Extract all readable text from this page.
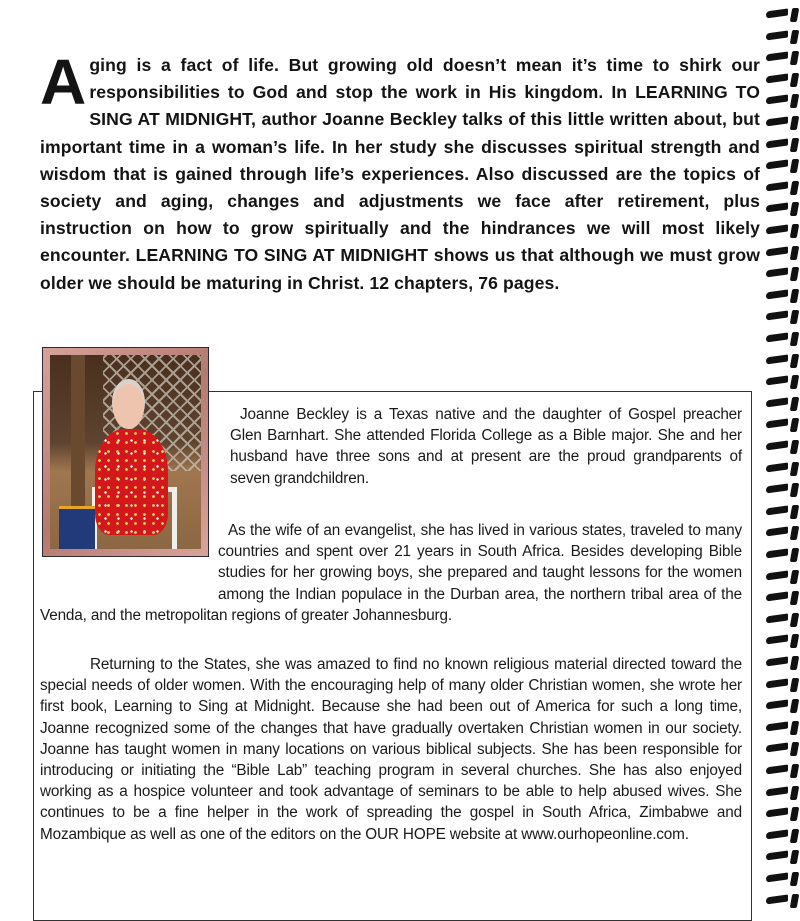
A ging is a fact of life. But growing old doesn’t mean it’s time to shirk our responsibilities to God and stop the work in His kingdom. In LEARNING TO SING AT MIDNIGHT, author Joanne Beckley talks of this little written about, but important time in a woman’s life. In her study she discusses spiritual strength and wisdom that is gained through life’s experiences. Also discussed are the topics of society and aging, changes and adjustments we face after retirement, plus instruction on how to grow spiritually and the hindrances we will most likely encounter. LEARNING TO SING AT MIDNIGHT shows us that although we must grow older we should be maturing in Christ. 12 chapters, 76 pages.

Joanne Beckley is a Texas native and the daughter of Gospel preacher Glen Barnhart. She attended Florida College as a Bible major. She and her husband have three sons and at present are the proud grandparents of seven grandchildren.

As the wife of an evangelist, she has lived in various states, traveled to many countries and spent over 21 years in South Africa. Besides developing Bible studies for her growing boys, she prepared and taught lessons for the women among the Indian populace in the Durban area, the northern tribal area of the Venda, and the metropolitan regions of greater Johannesburg.

Returning to the States, she was amazed to find no known religious material directed toward the special needs of older women. With the encouraging help of many older Christian women, she wrote her first book, Learning to Sing at Midnight. Because she had been out of America for such a long time, Joanne recognized some of the changes that have gradually overtaken Christian women in our society. Joanne has taught women in many locations on various biblical subjects. She has been responsible for introducing or initiating the “Bible Lab” teaching program in several churches. She has also enjoyed working as a hospice volunteer and took advantage of seminars to be able to help abused wives. She continues to be a fine helper in the work of spreading the gospel in South Africa, Zimbabwe and Mozambique as well as one of the editors on the OUR HOPE website at www.ourhopeonline.com.
